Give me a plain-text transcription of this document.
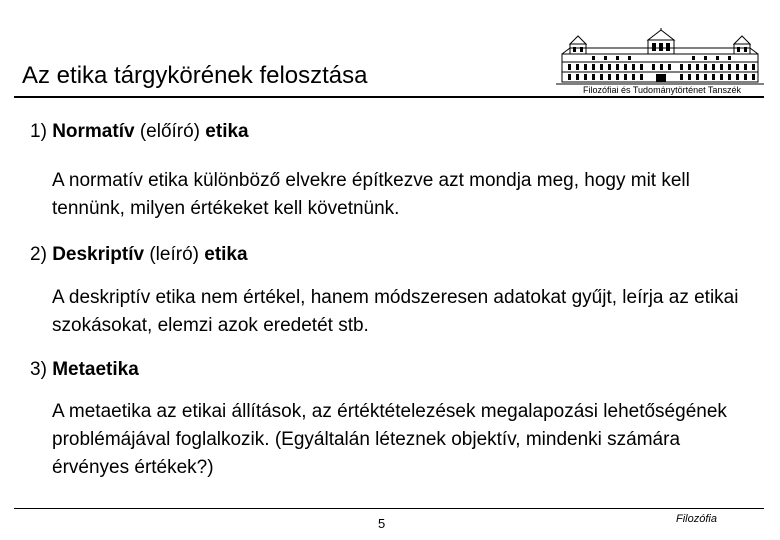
Az etika tárgykörének felosztása
Filozófiai és Tudománytörténet Tanszék

1) Normatív (előíró) etika

A normatív etika különböző elvekre építkezve azt mondja meg, hogy mit kell tennünk, milyen értékeket kell követnünk.

2) Deskriptív (leíró) etika

A deskriptív etika nem értékel, hanem módszeresen adatokat gyűjt, leírja az etikai szokásokat, elemzi azok eredetét stb.

3) Metaetika

A metaetika az etikai állítások, az értéktételezések megalapozási lehetőségének problémájával foglalkozik. (Egyáltalán léteznek objektív, mindenki számára érvényes értékek?)

5	Filozófia
